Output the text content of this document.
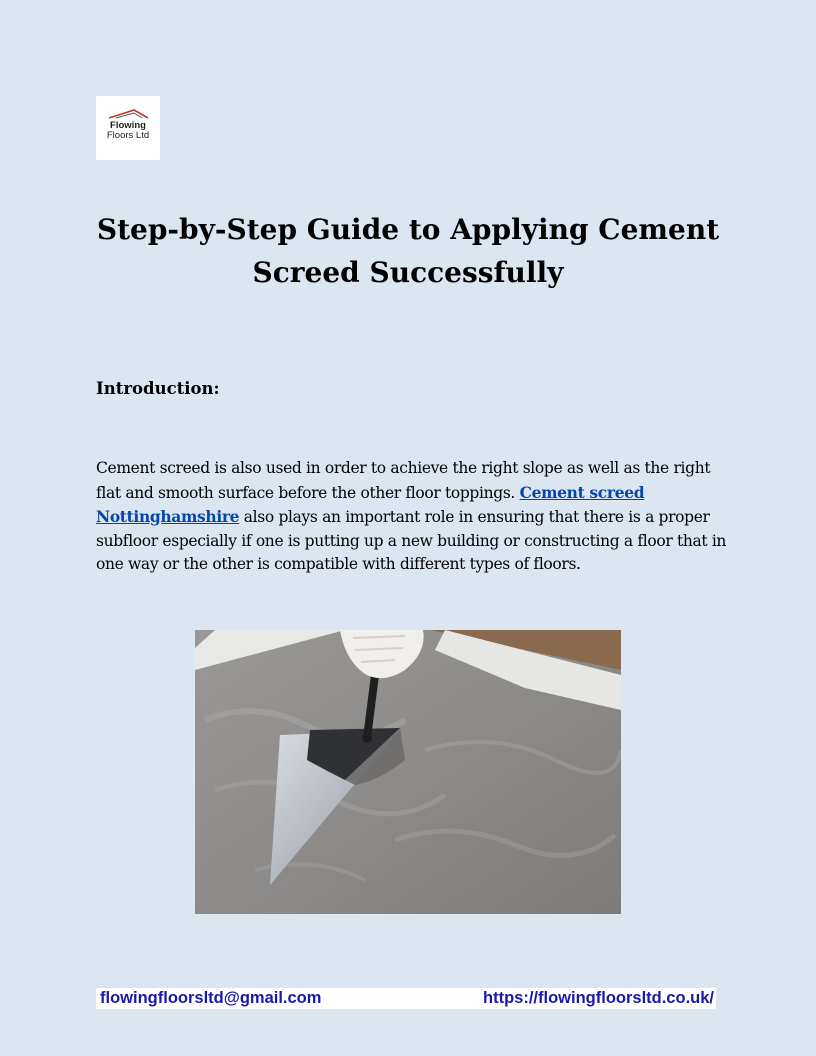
Flowing
Floors Ltd
Step-by-Step Guide to Applying Cement
Screed Successfully
Introduction:

Cement screed is also used in order to achieve the right slope as well as the right flat and smooth surface before the other floor toppings. Cement screed Nottinghamshire also plays an important role in ensuring that there is a proper subfloor especially if one is putting up a new building or constructing a floor that in one way or the other is compatible with different types of floors.

flowingfloorsltd@gmail.com	https://flowingfloorsltd.co.uk/
